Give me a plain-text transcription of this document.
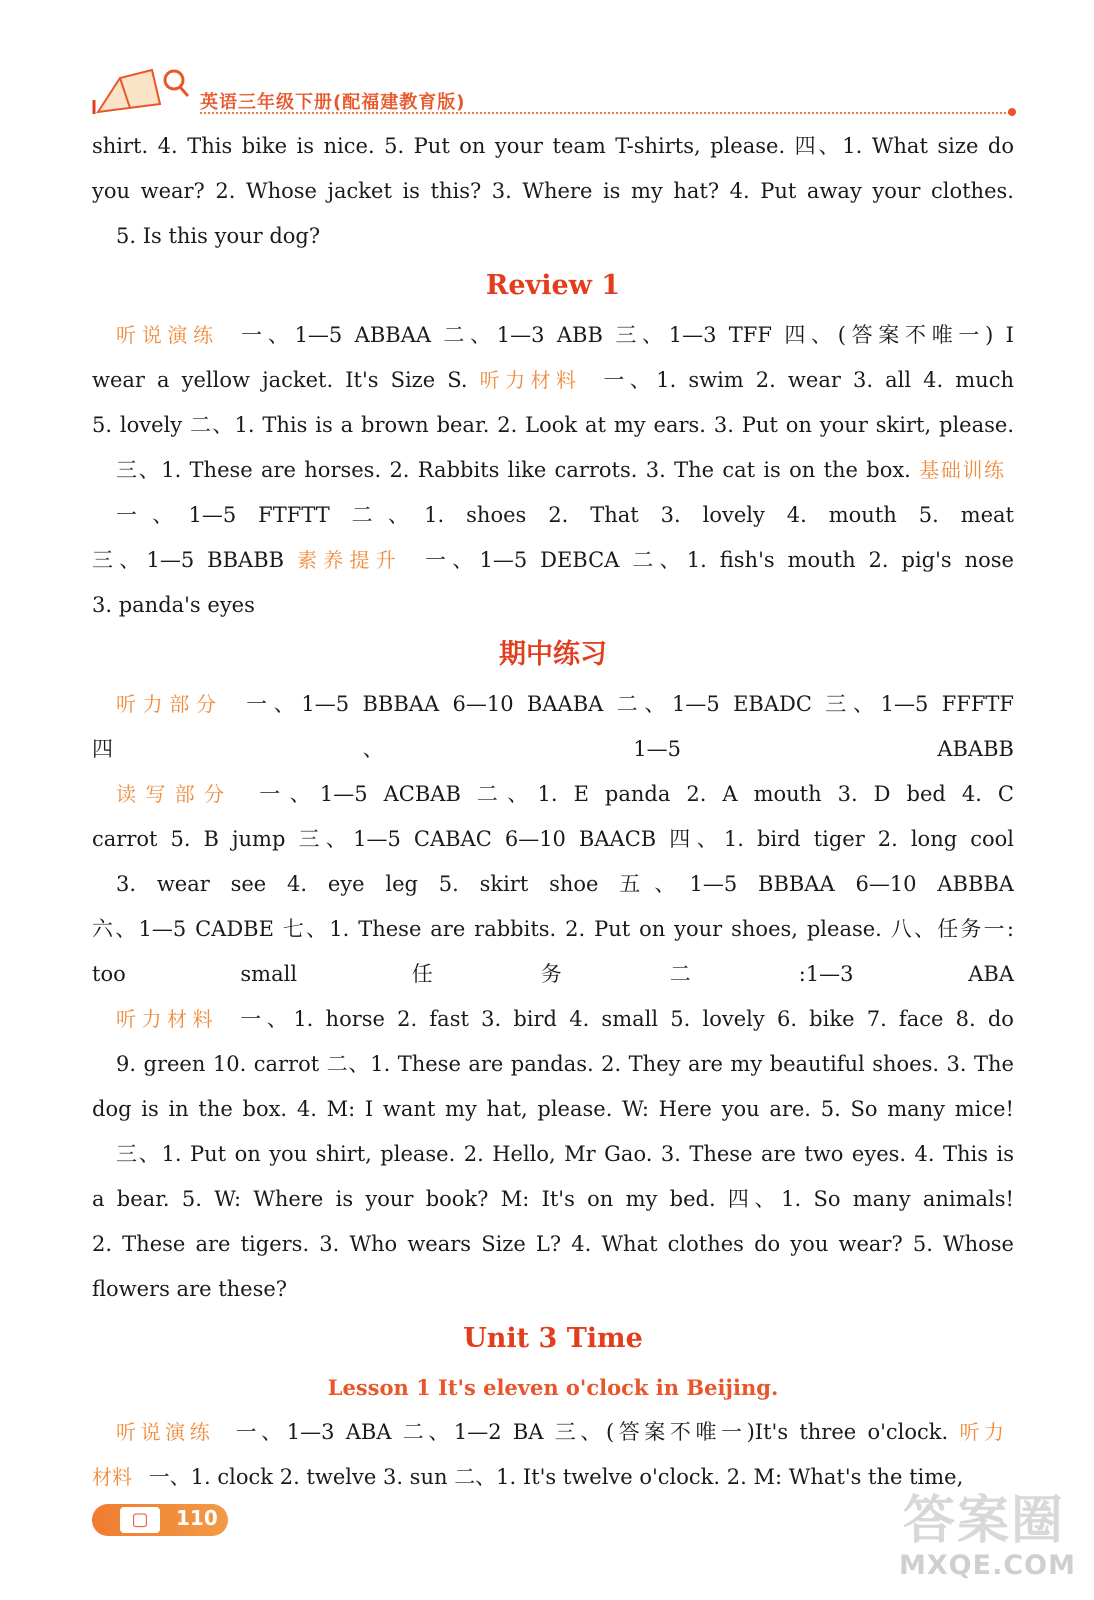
英语三年级下册(配福建教育版)
shirt. 4. This bike is nice. 5. Put on your team T-shirts, please. 四、1. What size do
you wear? 2. Whose jacket is this? 3. Where is my hat? 4. Put away your clothes.
5. Is this your dog?
Review 1
听说演练 一、1—5 ABBAA 二、1—3 ABB 三、1—3 TFF 四、(答案不唯一) I
wear a yellow jacket. It's Size S. 听力材料 一、1. swim 2. wear 3. all 4. much
5. lovely 二、1. This is a brown bear. 2. Look at my ears. 3. Put on your skirt, please.
三、1. These are horses. 2. Rabbits like carrots. 3. The cat is on the box. 基础训练
一、1—5 FTFTT 二、1. shoes 2. That 3. lovely 4. mouth 5. meat
三、1—5 BBABB 素养提升 一、1—5 DEBCA 二、1. fish's mouth 2. pig's nose
3. panda's eyes
期中练习
听力部分 一、1—5 BBBAA 6—10 BAABA 二、1—5 EBADC 三、1—5 FFFTF
四、1—5 ABABB
读写部分 一、1—5 ACBAB 二、1. E panda 2. A mouth 3. D bed 4. C
carrot 5. B jump 三、1—5 CABAC 6—10 BAACB 四、1. bird tiger 2. long cool
3. wear see 4. eye leg 5. skirt shoe 五、1—5 BBBAA 6—10 ABBBA
六、1—5 CADBE 七、1. These are rabbits. 2. Put on your shoes, please. 八、任务一:
too small	任务二:1—3 ABA
听力材料 一、1. horse 2. fast 3. bird 4. small 5. lovely 6. bike 7. face 8. do
9. green 10. carrot 二、1. These are pandas. 2. They are my beautiful shoes. 3. The
dog is in the box. 4. M: I want my hat, please. W: Here you are. 5. So many mice!
三、1. Put on you shirt, please. 2. Hello, Mr Gao. 3. These are two eyes. 4. This is
a bear. 5. W: Where is your book? M: It's on my bed. 四、1. So many animals!
2. These are tigers. 3. Who wears Size L? 4. What clothes do you wear? 5. Whose
flowers are these?
Unit 3 Time
Lesson 1 It's eleven o'clock in Beijing.
听说演练 一、1—3 ABA 二、1—2 BA 三、(答案不唯一)It's three o'clock. 听力
材料 一、1. clock 2. twelve 3. sun 二、1. It's twelve o'clock. 2. M: What's the time,
▢	110	答案圈
MXQE.COM
